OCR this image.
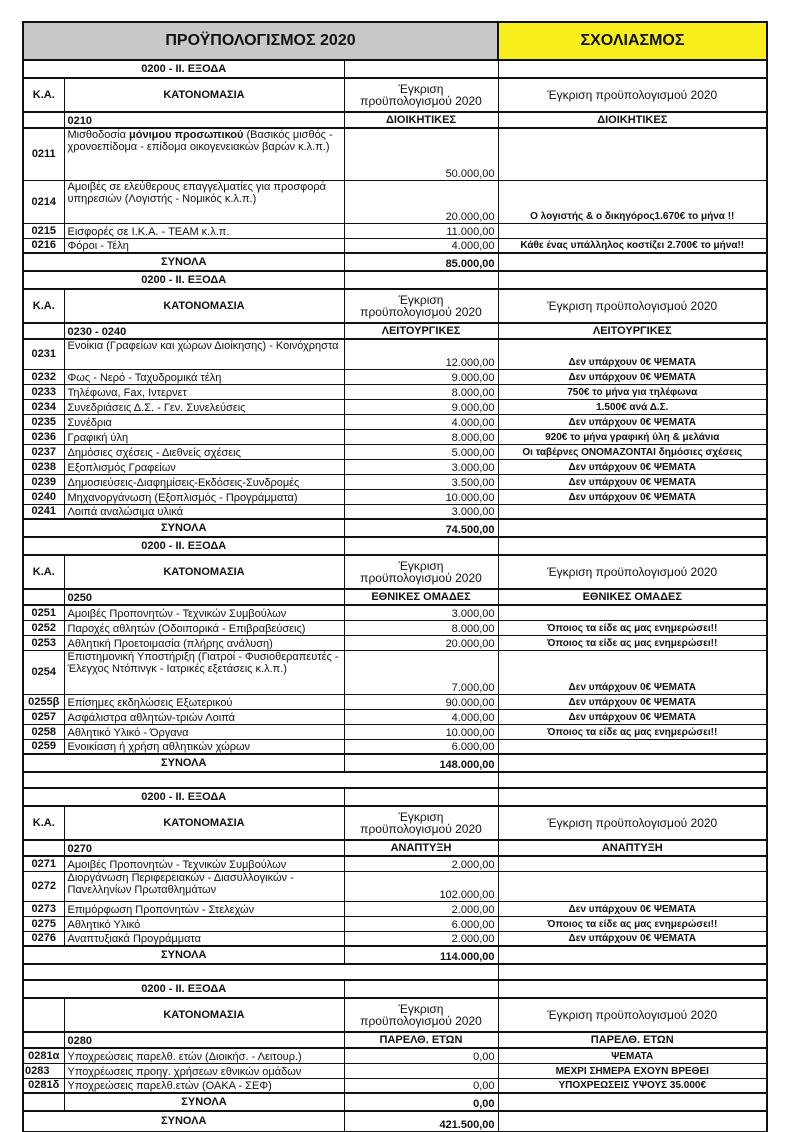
ΠΡΟΫΠΟΛΟΓΙΣΜΟΣ 2020			ΣΧΟΛΙΑΣΜΟΣ
0200 - ΙΙ. ΕΞΟΔΑ			
Κ.Α.	ΚΑΤΟΝΟΜΑΣΙΑ	Έγκριση
προϋπολογισμού 2020	Έγκριση προϋπολογισμού 2020
	0210	ΔΙΟΙΚΗΤΙΚΕΣ	ΔΙΟΙΚΗΤΙΚΕΣ
0211	Μισθοδοσία μόνιμου προσωπικού (Βασικός μισθός - χρονοεπίδομα - επίδομα οικογενειακών βαρών κ.λ.π.)	50.000,00	
0214	Αμοιβές σε ελεύθερους επαγγελματίες για προσφορά υπηρεσιών (Λογιστής - Νομικός κ.λ.π.)	20.000,00	Ο λογιστής & ο δικηγόρος1.670€ το μήνα !!
0215	Εισφορές σε Ι.Κ.Α. - ΤΕΑΜ κ.λ.π.	11.000,00	
0216	Φόροι - Τέλη	4.000,00	Κάθε ένας υπάλληλος κοστίζει 2.700€ το μήνα!!
ΣΥΝΟΛΑ		85.000,00	
0200 - ΙΙ. ΕΞΟΔΑ			
Κ.Α.	ΚΑΤΟΝΟΜΑΣΙΑ	Έγκριση
προϋπολογισμού 2020	Έγκριση προϋπολογισμού 2020
	0230 - 0240	ΛΕΙΤΟΥΡΓΙΚΕΣ	ΛΕΙΤΟΥΡΓΙΚΕΣ
0231	Ενοίκια (Γραφείων και χώρων Διοίκησης) - Κοινόχρηστα	12.000,00	Δεν υπάρχουν 0€ ΨΕΜΑΤΑ
0232	Φως - Νερό - Ταχυδρομικά τέλη	9.000,00	Δεν υπάρχουν 0€ ΨΕΜΑΤΑ
0233	Τηλέφωνα, Fax, Ιντερνετ	8.000,00	750€ το μήνα για τηλέφωνα
0234	Συνεδριάσεις Δ.Σ. - Γεν. Συνελεύσεις	9.000,00	1.500€ ανά Δ.Σ.
0235	Συνέδρια	4.000,00	Δεν υπάρχουν 0€ ΨΕΜΑΤΑ
0236	Γραφική ύλη	8.000,00	920€ το μήνα γραφική ύλη & μελάνια
0237	Δημόσιες σχέσεις - Διεθνείς σχέσεις	5.000,00	Οι ταβέρνες ΟΝΟΜΑΖΟΝΤΑΙ δημόσιες σχέσεις
0238	Εξοπλισμός Γραφείων	3.000,00	Δεν υπάρχουν 0€ ΨΕΜΑΤΑ
0239	Δημοσιεύσεις-Διαφημίσεις-Εκδόσεις-Συνδρομές	3.500,00	Δεν υπάρχουν 0€ ΨΕΜΑΤΑ
0240	Μηχανοργάνωση (Εξοπλισμός - Προγράμματα)	10.000,00	Δεν υπάρχουν 0€ ΨΕΜΑΤΑ
0241	Λοιπά αναλώσιμα υλικά	3.000,00	
ΣΥΝΟΛΑ		74.500,00	
0200 - ΙΙ. ΕΞΟΔΑ			
Κ.Α.	ΚΑΤΟΝΟΜΑΣΙΑ	Έγκριση
προϋπολογισμού 2020	Έγκριση προϋπολογισμού 2020
	0250	ΕΘΝΙΚΕΣ ΟΜΑΔΕΣ	ΕΘΝΙΚΕΣ ΟΜΑΔΕΣ
0251	Αμοιβές Προπονητών - Τεχνικών Συμβούλων	3.000,00	
0252	Παροχές αθλητών (Οδοιπορικά - Επιβραβεύσεις)	8.000,00	Όποιος τα είδε ας μας ενημερώσει!!
0253	Αθλητική Προετοιμασία (πλήρης ανάλυση)	20.000,00	Όποιος τα είδε ας μας ενημερώσει!!
0254	Επιστημονική Υποστήριξη (Γιατροί - Φυσιοθεραπευτές - Έλεγχος Ντόπινγκ - Ιατρικές εξετάσεις κ.λ.π.)	7.000,00	Δεν υπάρχουν 0€ ΨΕΜΑΤΑ
0255β	Επίσημες εκδηλώσεις Εξωτερικού	90.000,00	Δεν υπάρχουν 0€ ΨΕΜΑΤΑ
0257	Ασφάλιστρα αθλητών-τριών Λοιπά	4.000,00	Δεν υπάρχουν 0€ ΨΕΜΑΤΑ
0258	Αθλητικό Υλικό - Όργανα	10.000,00	Όποιος τα είδε ας μας ενημερώσει!!
0259	Ενοικίαση ή χρήση αθλητικών χώρων	6.000,00	
ΣΥΝΟΛΑ		148.000,00	

0200 - ΙΙ. ΕΞΟΔΑ			
Κ.Α.	ΚΑΤΟΝΟΜΑΣΙΑ	Έγκριση
προϋπολογισμού 2020	Έγκριση προϋπολογισμού 2020
	0270	ΑΝΑΠΤΥΞΗ	ΑΝΑΠΤΥΞΗ
0271	Αμοιβές Προπονητών - Τεχνικών Συμβούλων	2.000,00	
0272	Διοργάνωση Περιφερειακών - Διασυλλογικών - Πανελληνίων Πρωταθλημάτων	102.000,00	
0273	Επιμόρφωση Προπονητών - Στελεχών	2.000,00	Δεν υπάρχουν 0€ ΨΕΜΑΤΑ
0275	Αθλητικό Υλικό	6.000,00	Όποιος τα είδε ας μας ενημερώσει!!
0276	Αναπτυξιακά Προγράμματα	2.000,00	Δεν υπάρχουν 0€ ΨΕΜΑΤΑ
ΣΥΝΟΛΑ		114.000,00	

0200 - ΙΙ. ΕΞΟΔΑ			
	ΚΑΤΟΝΟΜΑΣΙΑ	Έγκριση
προϋπολογισμού 2020	Έγκριση προϋπολογισμού 2020
	0280	ΠΑΡΕΛΘ. ΕΤΩΝ	ΠΑΡΕΛΘ. ΕΤΩΝ
0281α	Υποχρεώσεις παρελθ. ετών (Διοικήσ. - Λειτουρ.)	0,00	ΨΕΜΑΤΑ
0283	Υποχρέωσεις προηγ. χρήσεων εθνικών ομάδων		ΜΕΧΡΙ ΣΗΜΕΡΑ ΕΧΟΥΝ ΒΡΕΘΕΙ
0281δ	Υποχρεώσεις παρελθ.ετών (ΟΑΚΑ - ΣΕΦ)	0,00	ΥΠΟΧΡΕΩΣΕΙΣ ΥΨΟΥΣ 35.000€
	ΣΥΝΟΛΑ	0,00	
ΣΥΝΟΛΑ		421.500,00	
